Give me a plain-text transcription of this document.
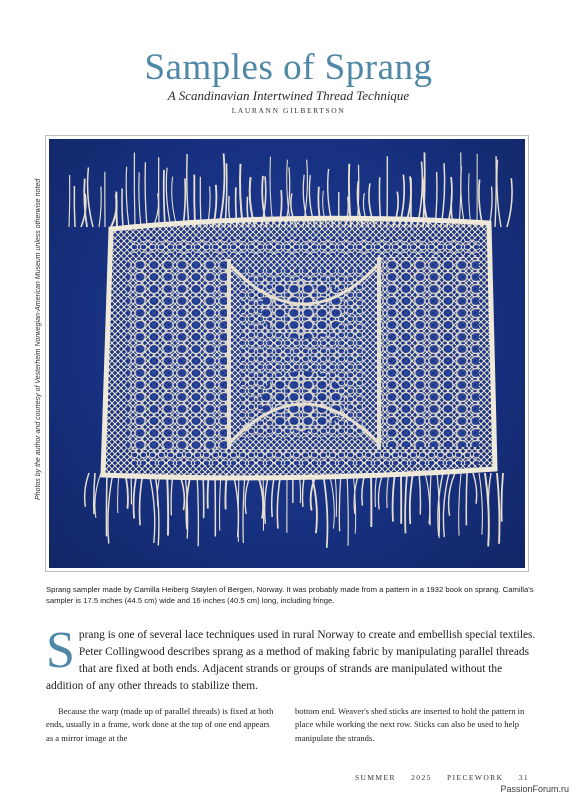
Samples of Sprang

A Scandinavian Intertwined Thread Technique

LAURANN GILBERTSON

Photos by the author and courtesy of Vesterheim Norwegian-American Museum unless otherwise noted

Sprang sampler made by Camilla Heiberg Støylen of Bergen, Norway. It was probably made from a pattern in a 1932 book on sprang. Camilla's sampler is 17.5 inches (44.5 cm) wide and 16 inches (40.5 cm) long, including fringe.

S prang is one of several lace techniques used in rural Norway to create and embellish special textiles. Peter Collingwood describes sprang as a method of making fabric by manipulating parallel threads that are fixed at both ends. Adjacent strands or groups of strands are manipulated without the addition of any other threads to stabilize them.
Because the warp (made up of parallel threads) is fixed at both ends, usually in a frame, work done at the top of one end appears as a mirror image at the
bottom end. Weaver's shed sticks are inserted to hold the pattern in place while working the next row. Sticks can also be used to help manipulate the strands.
SUMMER 2025 PIECEWORK 31
PassionForum.ru
